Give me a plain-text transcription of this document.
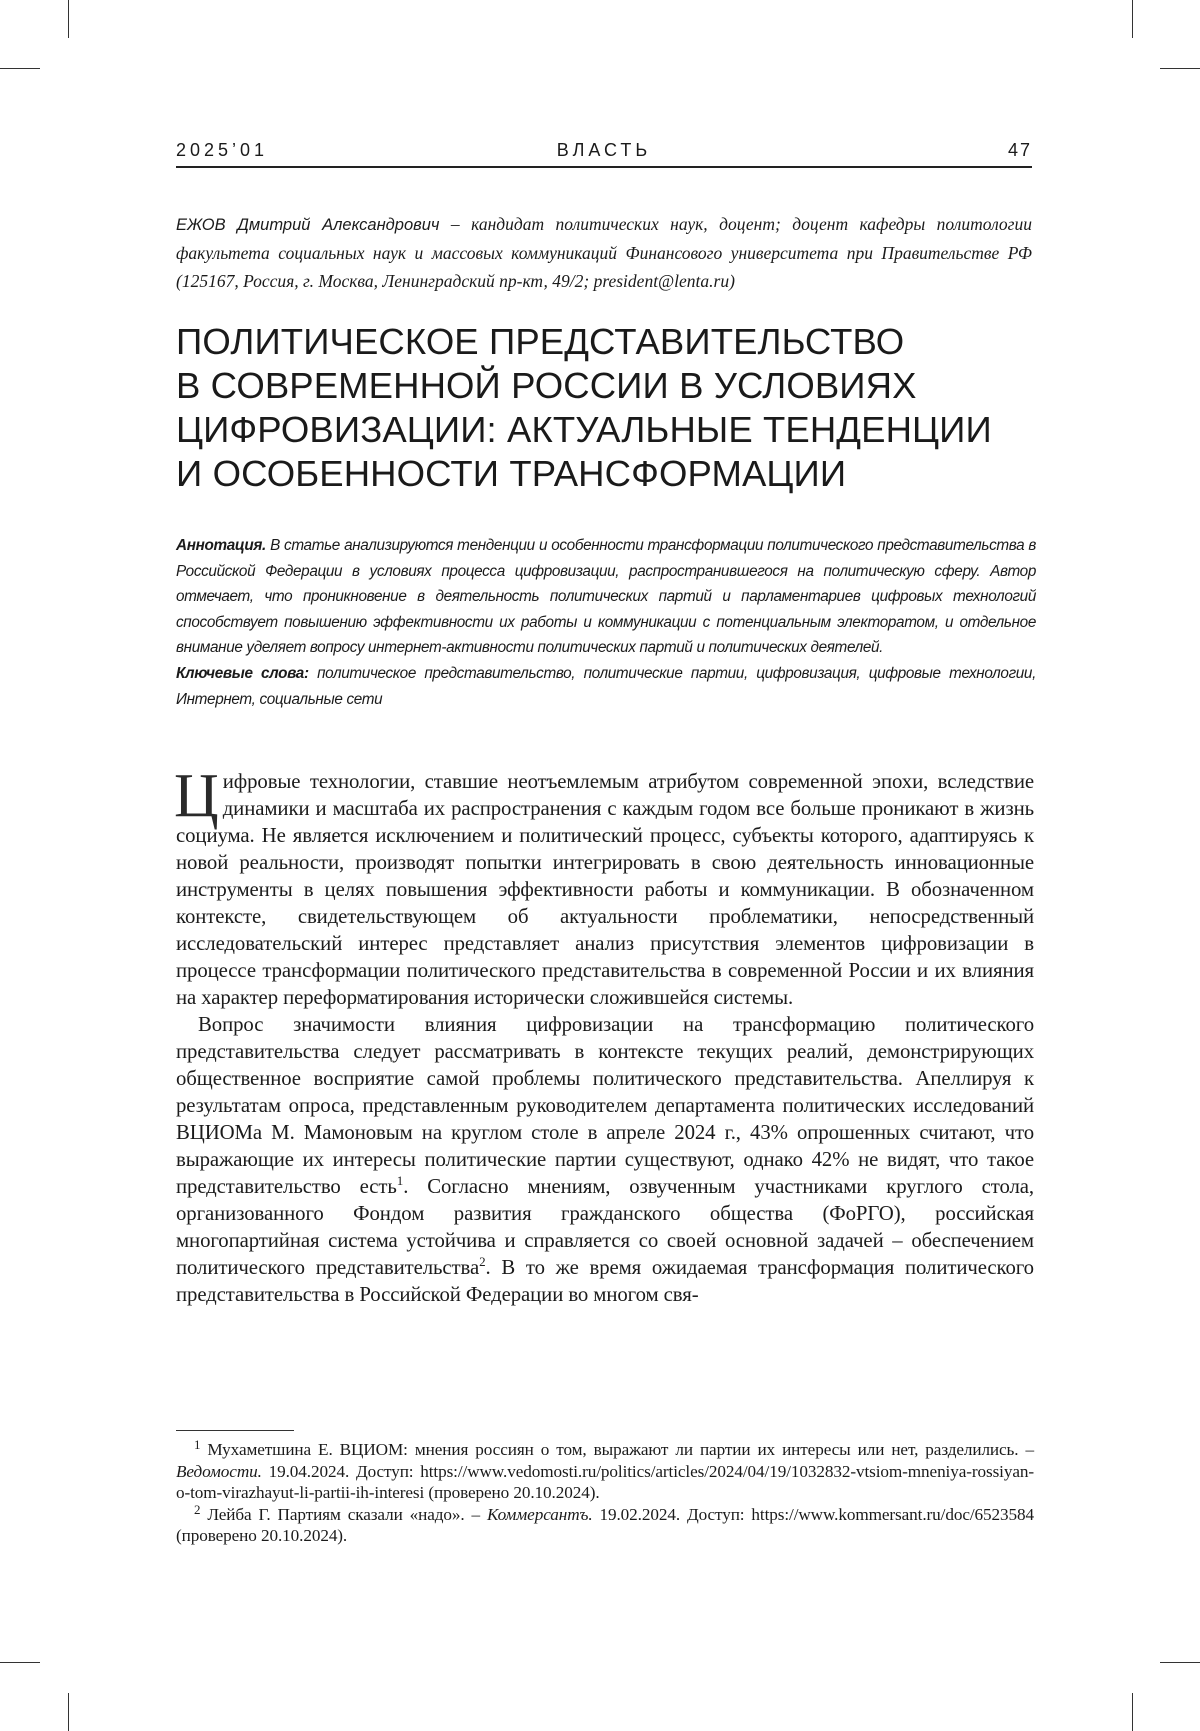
2025’01	ВЛАСТЬ	47
ЕЖОВ Дмитрий Александрович – кандидат политических наук, доцент; доцент кафедры политологии факультета социальных наук и массовых коммуникаций Финансового университета при Правительстве РФ (125167, Россия, г. Москва, Ленинградский пр-кт, 49/2; president@lenta.ru)
ПОЛИТИЧЕСКОЕ ПРЕДСТАВИТЕЛЬСТВО
В СОВРЕМЕННОЙ РОССИИ В УСЛОВИЯХ
ЦИФРОВИЗАЦИИ: АКТУАЛЬНЫЕ ТЕНДЕНЦИИ
И ОСОБЕННОСТИ ТРАНСФОРМАЦИИ

Аннотация. В статье анализируются тенденции и особенности трансформации политического представительства в Российской Федерации в условиях процесса цифровизации, распространившегося на политическую сферу. Автор отмечает, что проникновение в деятельность политических партий и парламентариев цифровых технологий способствует повышению эффективности их работы и коммуникации с потенциальным электоратом, и отдельное внимание уделяет вопросу интернет-активности политических партий и политических деятелей.

Ключевые слова: политическое представительство, политические партии, цифровизация, цифровые технологии, Интернет, социальные сети

Цифровые технологии, ставшие неотъемлемым атрибутом современной эпохи, вследствие динамики и масштаба их распространения с каждым годом все больше проникают в жизнь социума. Не является исключением и политический процесс, субъекты которого, адаптируясь к новой реальности, производят попытки интегрировать в свою деятельность инновационные инструменты в целях повышения эффективности работы и коммуникации. В обозначенном контексте, свидетельствующем об актуальности проблематики, непосредственный исследовательский интерес представляет анализ присутствия элементов цифровизации в процессе трансформации политического представительства в современной России и их влияния на характер переформатирования исторически сложившейся системы.

Вопрос значимости влияния цифровизации на трансформацию политического представительства следует рассматривать в контексте текущих реалий, демонстрирующих общественное восприятие самой проблемы политического представительства. Апеллируя к результатам опроса, представленным руководителем департамента политических исследований ВЦИОМа М. Мамоновым на круглом столе в апреле 2024 г., 43% опрошенных считают, что выражающие их интересы политические партии существуют, однако 42% не видят, что такое представительство есть$^1$. Согласно мнениям, озвученным участниками круглого стола, организованного Фондом развития гражданского общества (ФоРГО), российская многопартийная система устойчива и справляется со своей основной задачей – обеспечением политического представительства$^2$. В то же время ожидаемая трансформация политического представительства в Российской Федерации во многом свя-

$^1$ Мухаметшина Е. ВЦИОМ: мнения россиян о том, выражают ли партии их интересы или нет, разделились. – Ведомости. 19.04.2024. Доступ: https://www.vedomosti.ru/politics/articles/2024/04/19/1032832-vtsiom-mneniya-rossiyan-o-tom-virazhayut-li-partii-ih-interesi (проверено 20.10.2024).

$^2$ Лейба Г. Партиям сказали «надо». – Коммерсантъ. 19.02.2024. Доступ: https://www.kommersant.ru/doc/6523584 (проверено 20.10.2024).
